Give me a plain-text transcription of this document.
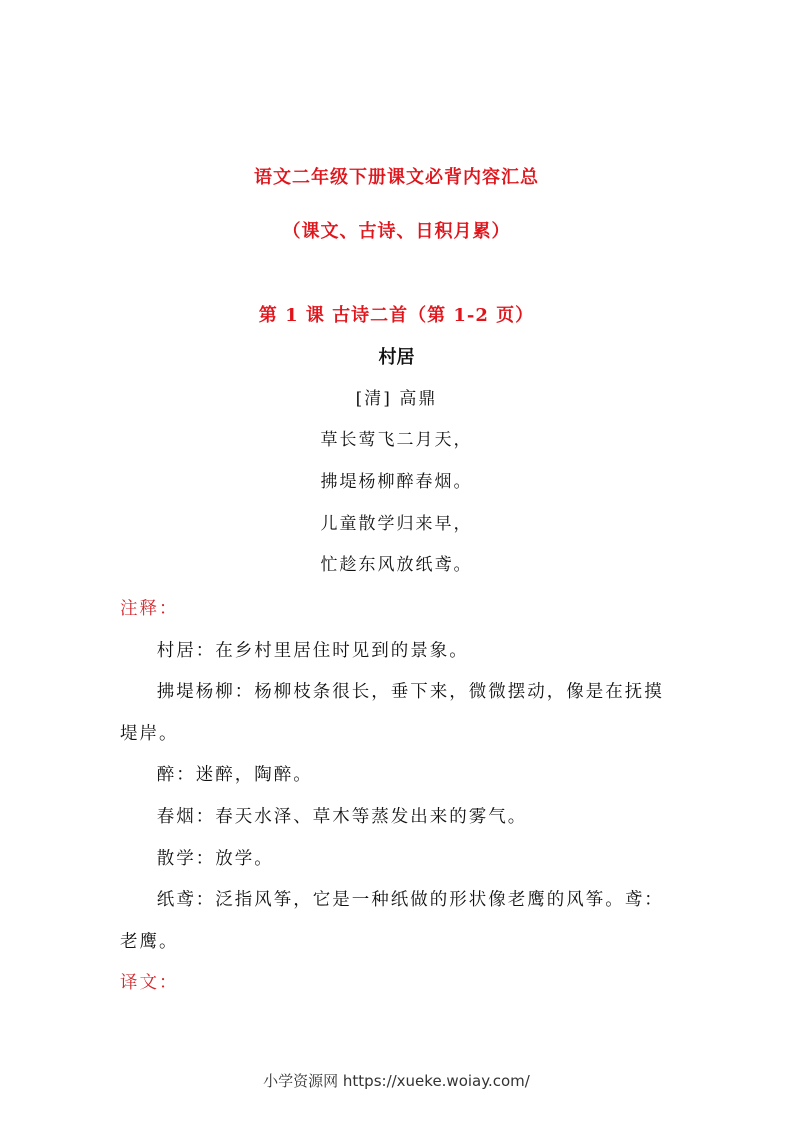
语文二年级下册课文必背内容汇总
（课文、古诗、日积月累）
第 1 课 古诗二首（第 1-2 页）
村居
[清] 高鼎
草长莺飞二月天，
拂堤杨柳醉春烟。
儿童散学归来早，
忙趁东风放纸鸢。

注释：

村居：在乡村里居住时见到的景象。

拂堤杨柳：杨柳枝条很长，垂下来，微微摆动，像是在抚摸堤岸。

醉：迷醉，陶醉。

春烟：春天水泽、草木等蒸发出来的雾气。

散学：放学。

纸鸢：泛指风筝，它是一种纸做的形状像老鹰的风筝。鸢：老鹰。

译文：

小学资源网 https://xueke.woiay.com/
